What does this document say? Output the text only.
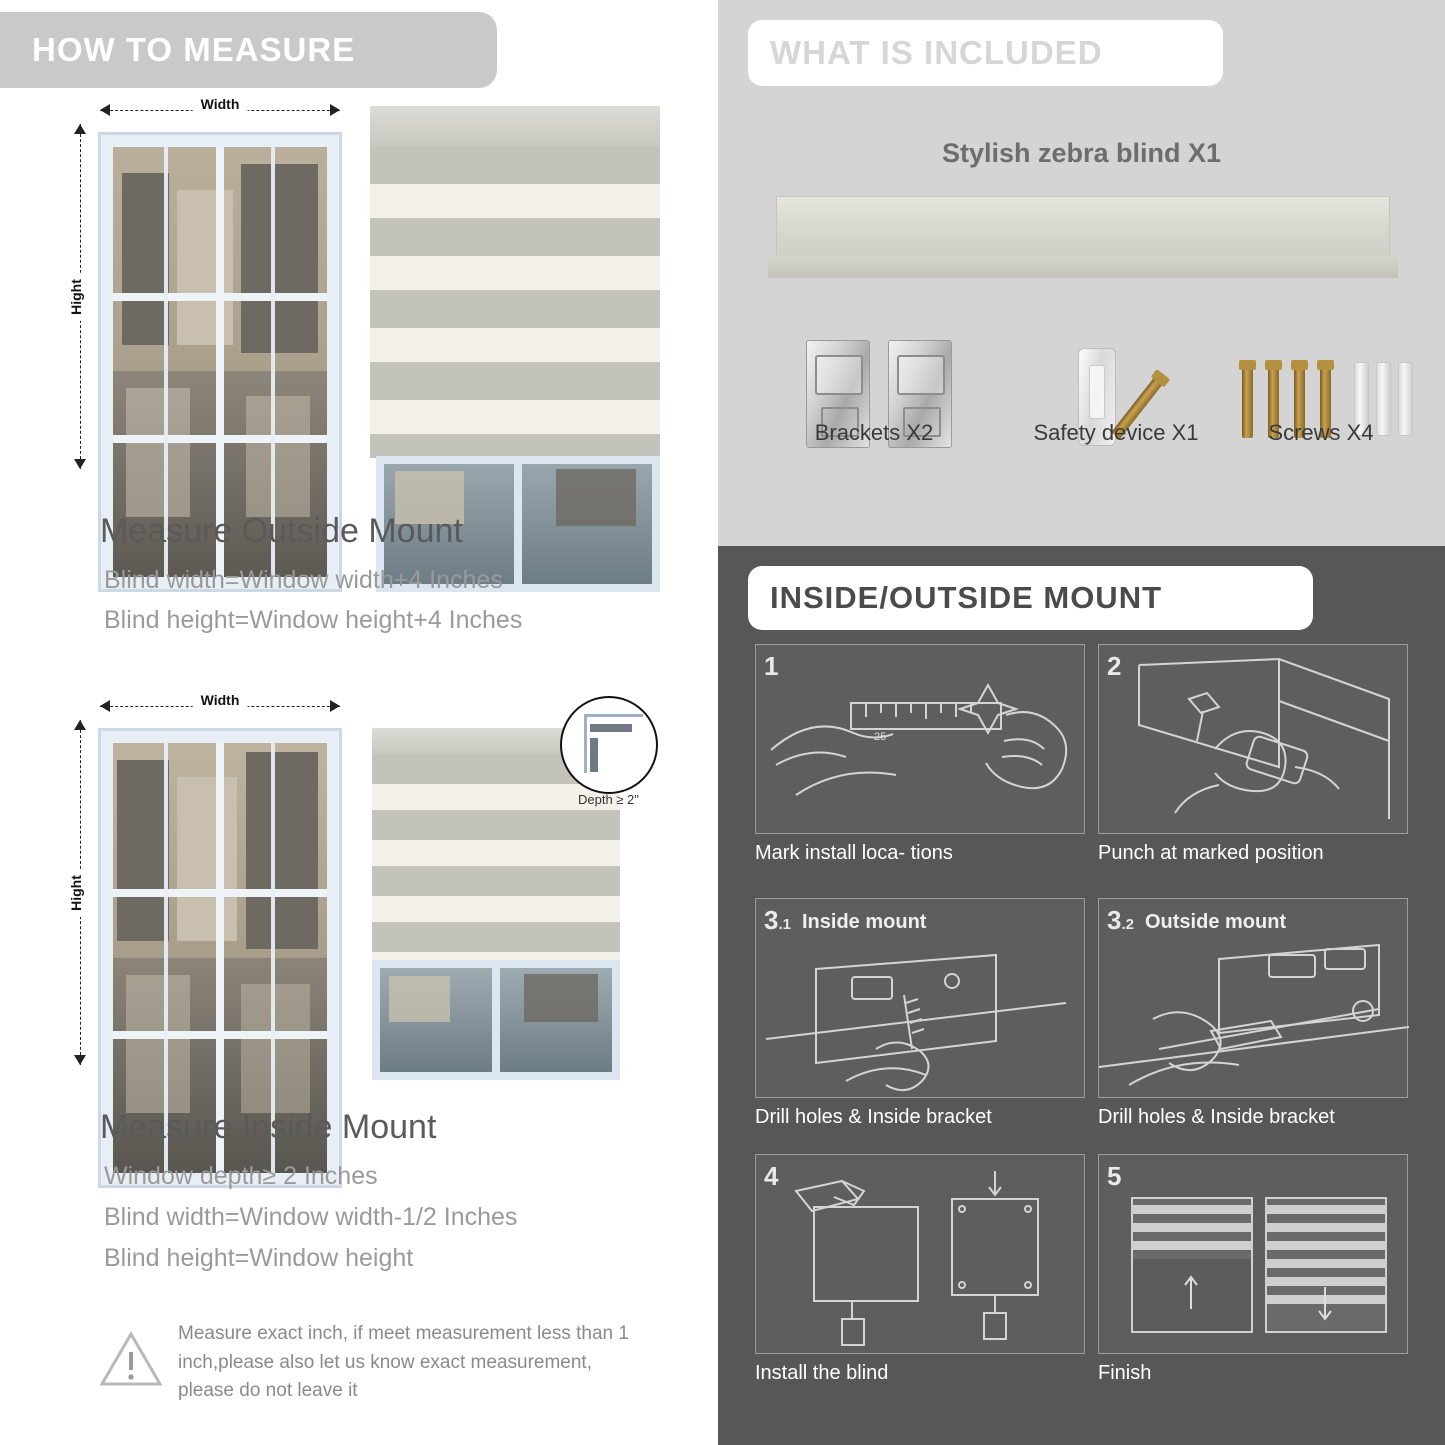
HOW TO MEASURE
Width
Hight
Measure Outside Mount
Blind width=Window width+4 Inches
Blind height=Window height+4 Inches
Width
Hight
Depth ≥ 2"
Measure Inside Mount
Window depth≥ 2 Inches
Blind width=Window width-1/2 Inches
Blind height=Window height
Measure exact inch, if meet measurement less than 1 inch,please also let us know exact measurement, please do not leave it
Stylish zebra blind X1
Brackets X2	Safety device X1	Screws X4
1
25
Mark install loca- tions
2
Punch at marked position
3.1 Inside mount
Drill holes & Inside bracket
3.2 Outside mount
Drill holes & Inside bracket
4
Install the blind
5
Finish
WHAT IS INCLUDED
INSIDE/OUTSIDE MOUNT
